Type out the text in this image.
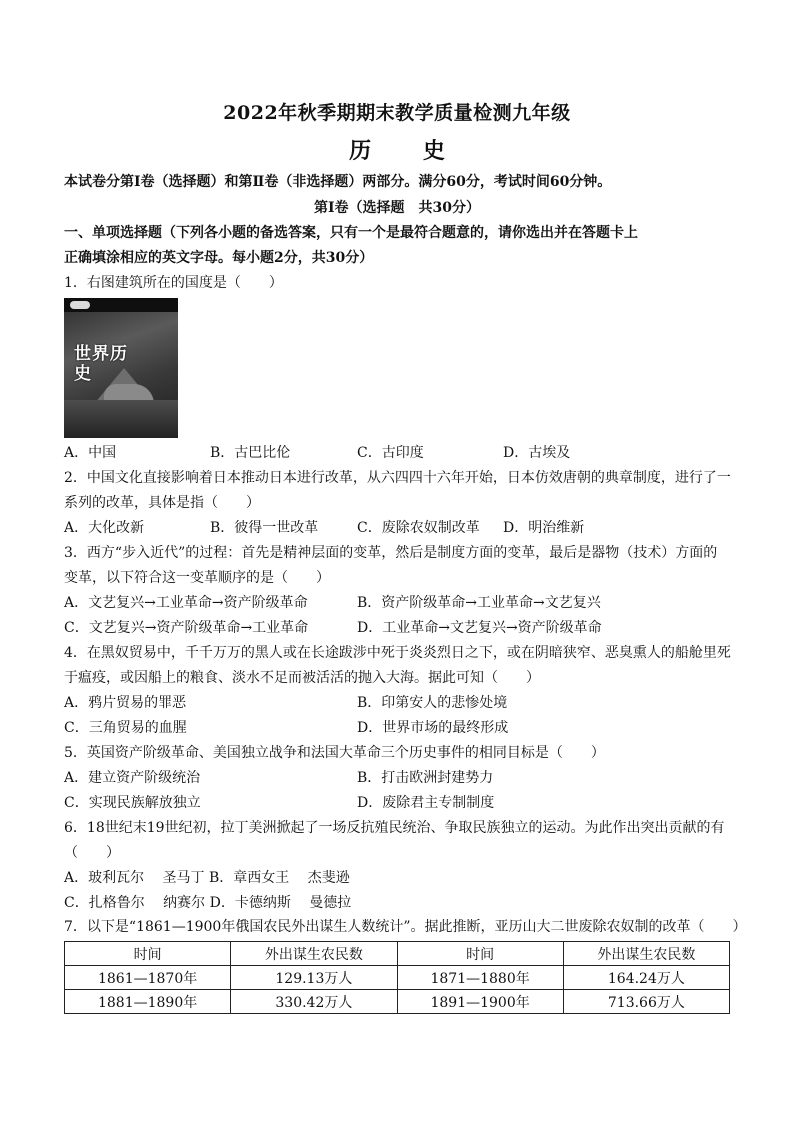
2022年秋季期期末教学质量检测九年级
历 史
本试卷分第Ⅰ卷（选择题）和第Ⅱ卷（非选择题）两部分。满分60分，考试时间60分钟。
第Ⅰ卷（选择题　共30分）
一、单项选择题（下列各小题的备选答案，只有一个是最符合题意的，请你选出并在答题卡上
正确填涂相应的英文字母。每小题2分，共30分）
1．右图建筑所在的国度是（　　）
世界历史
A．中国	B．古巴比伦	C．古印度	D．古埃及
2．中国文化直接影响着日本推动日本进行改革，从六四四十六年开始，日本仿效唐朝的典章制度，进行了一
系列的改革，具体是指（　　）
A．大化改新	B．彼得一世改革	C．废除农奴制改革 D．明治维新
3．西方“步入近代”的过程：首先是精神层面的变革，然后是制度方面的变革，最后是器物（技术）方面的
变革，以下符合这一变革顺序的是（　　）
A．文艺复兴→工业革命→资产阶级革命	B．资产阶级革命→工业革命→文艺复兴
C．文艺复兴→资产阶级革命→工业革命	D．工业革命→文艺复兴→资产阶级革命
4．在黑奴贸易中，千千万万的黑人或在长途跋涉中死于炎炎烈日之下，或在阴暗狭窄、恶臭熏人的船舱里死
于瘟疫，或因船上的粮食、淡水不足而被活活的抛入大海。据此可知（　　）
A．鸦片贸易的罪恶	B．印第安人的悲惨处境
C．三角贸易的血腥	D．世界市场的最终形成
5．英国资产阶级革命、美国独立战争和法国大革命三个历史事件的相同目标是（　　）
A．建立资产阶级统治	B．打击欧洲封建势力
C．实现民族解放独立	D．废除君主专制制度
6．18世纪末19世纪初，拉丁美洲掀起了一场反抗殖民统治、争取民族独立的运动。为此作出突出贡献的有
（　　）
A．玻利瓦尔　 圣马丁 B．章西女王　 杰斐逊
C．扎格鲁尔　 纳赛尔 D．卡德纳斯　 曼德拉
7．以下是“1861—1900年俄国农民外出谋生人数统计”。据此推断，亚历山大二世废除农奴制的改革（　　）
时间	外出谋生农民数	时间	外出谋生农民数
1861—1870年	129.13万人	1871—1880年	164.24万人
1881—1890年	330.42万人	1891—1900年	713.66万人
